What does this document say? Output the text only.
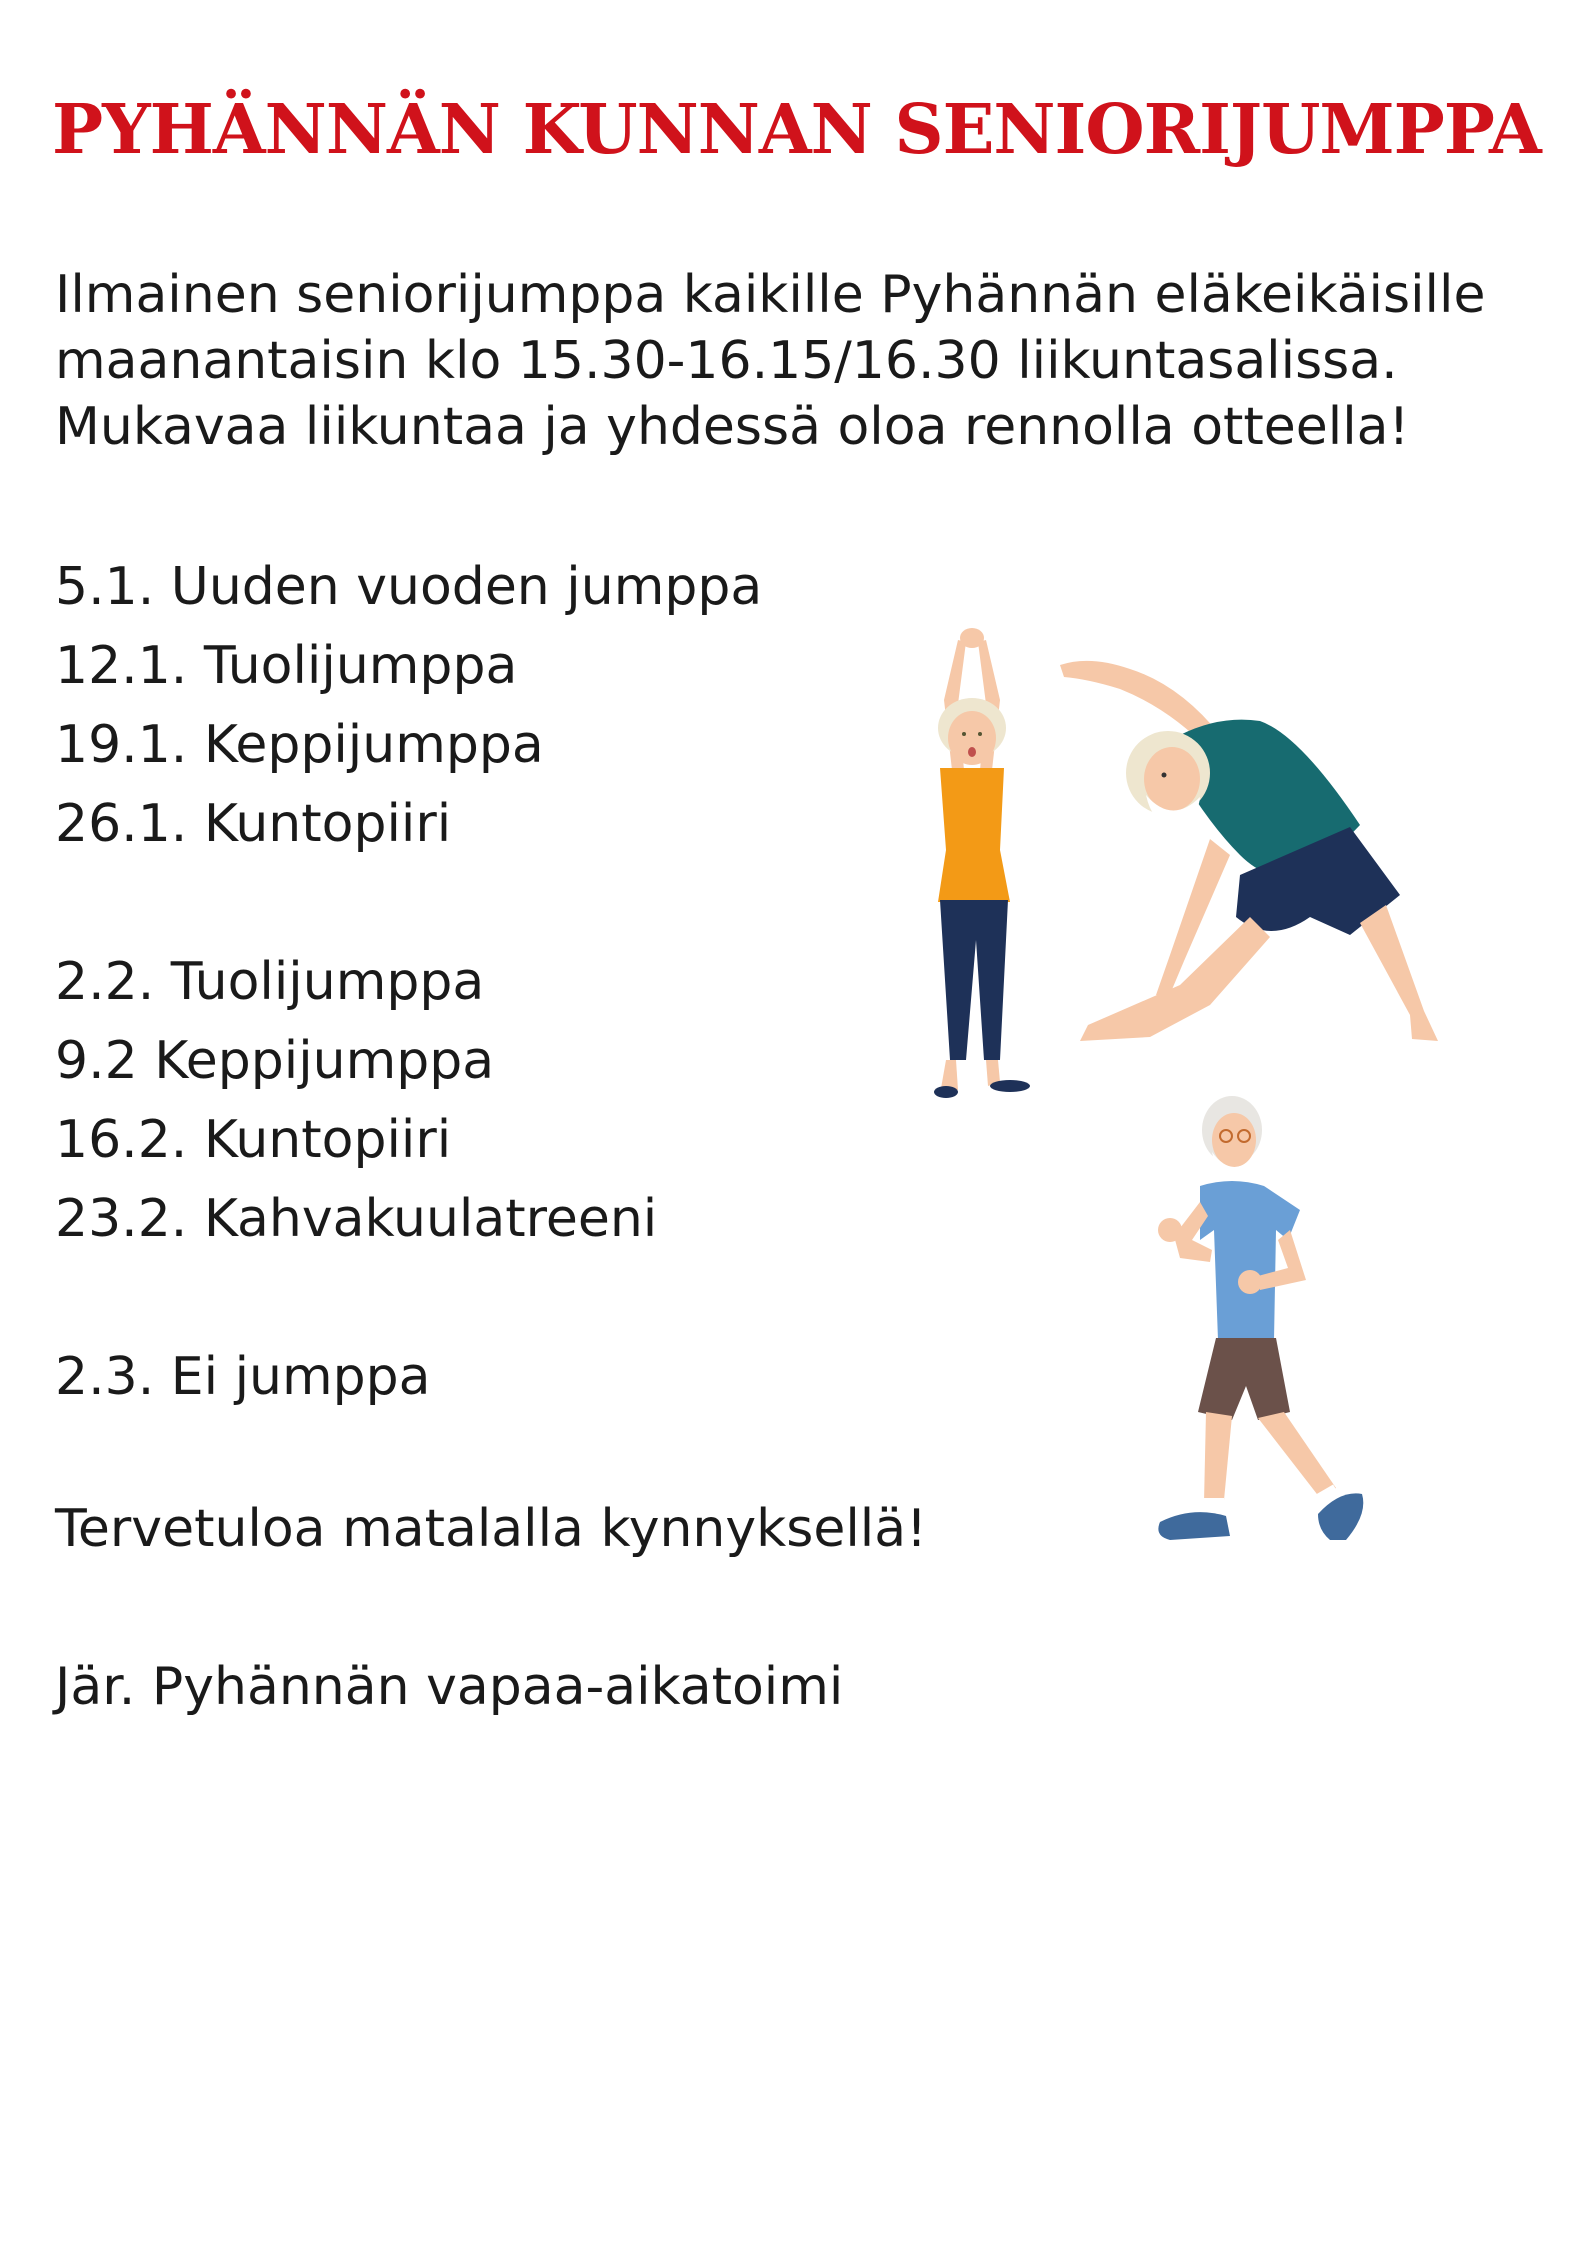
PYHÄNNÄN KUNNAN SENIORIJUMPPA
Ilmainen seniorijumppa kaikille Pyhännän eläkeikäisille
maanantaisin klo 15.30-16.15/16.30 liikuntasalissa.
Mukavaa liikuntaa ja yhdessä oloa rennolla otteella!
5.1. Uuden vuoden jumppa
12.1. Tuolijumppa
19.1. Keppijumppa
26.1. Kuntopiiri
2.2. Tuolijumppa
9.2 Keppijumppa
16.2. Kuntopiiri
23.2. Kahvakuulatreeni
2.3. Ei jumppa

Tervetuloa matalalla kynnyksellä!

Jär. Pyhännän vapaa-aikatoimi
